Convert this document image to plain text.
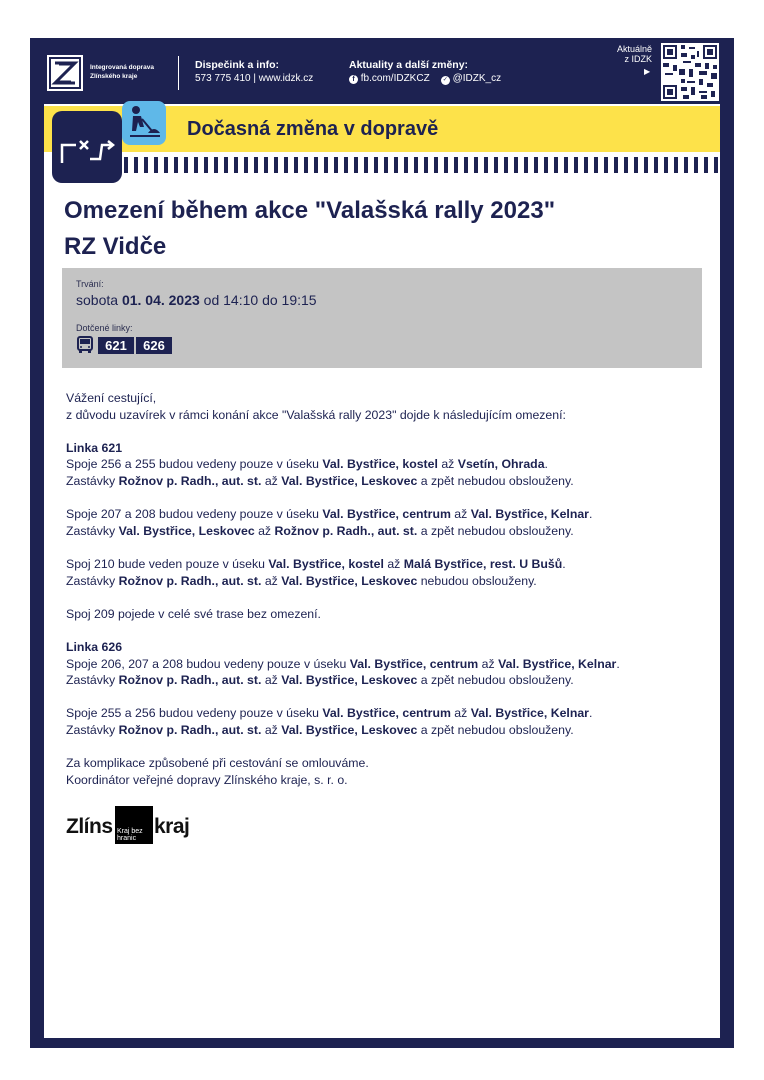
Integrovaná doprava
Zlínského kraje
Dispečink a info:
573 775 410 | www.idzk.cz
Aktuality a další změny:
f fb.com/IDZKCZ ✓ @IDZK_cz
Aktuálně
z IDZK
▶
Dočasná změna v dopravě
Omezení během akce "Valašská rally 2023"
RZ Vidče
Trvání:
sobota 01. 04. 2023 od 14:10 do 19:15
Dotčené linky:
621	626

Vážení cestující,

z důvodu uzavírek v rámci konání akce "Valašská rally 2023" dojde k následujícím omezení:

Linka 621

Spoje 256 a 255 budou vedeny pouze v úseku Val. Bystřice, kostel až Vsetín, Ohrada.

Zastávky Rožnov p. Radh., aut. st. až Val. Bystřice, Leskovec a zpět nebudou obslouženy.

Spoje 207 a 208 budou vedeny pouze v úseku Val. Bystřice, centrum až Val. Bystřice, Kelnar.

Zastávky Val. Bystřice, Leskovec až Rožnov p. Radh., aut. st. a zpět nebudou obslouženy.

Spoj 210 bude veden pouze v úseku Val. Bystřice, kostel až Malá Bystřice, rest. U Bušů.

Zastávky Rožnov p. Radh., aut. st. až Val. Bystřice, Leskovec nebudou obslouženy.

Spoj 209 pojede v celé své trase bez omezení.

Linka 626

Spoje 206, 207 a 208 budou vedeny pouze v úseku Val. Bystřice, centrum až Val. Bystřice, Kelnar.

Zastávky Rožnov p. Radh., aut. st. až Val. Bystřice, Leskovec a zpět nebudou obslouženy.

Spoje 255 a 256 budou vedeny pouze v úseku Val. Bystřice, centrum až Val. Bystřice, Kelnar.

Zastávky Rožnov p. Radh., aut. st. až Val. Bystřice, Leskovec a zpět nebudou obslouženy.

Za komplikace způsobené při cestování se omlouváme.

Koordinátor veřejné dopravy Zlínského kraje, s. r. o.

Zlíns Kraj bez hranic
kraj
